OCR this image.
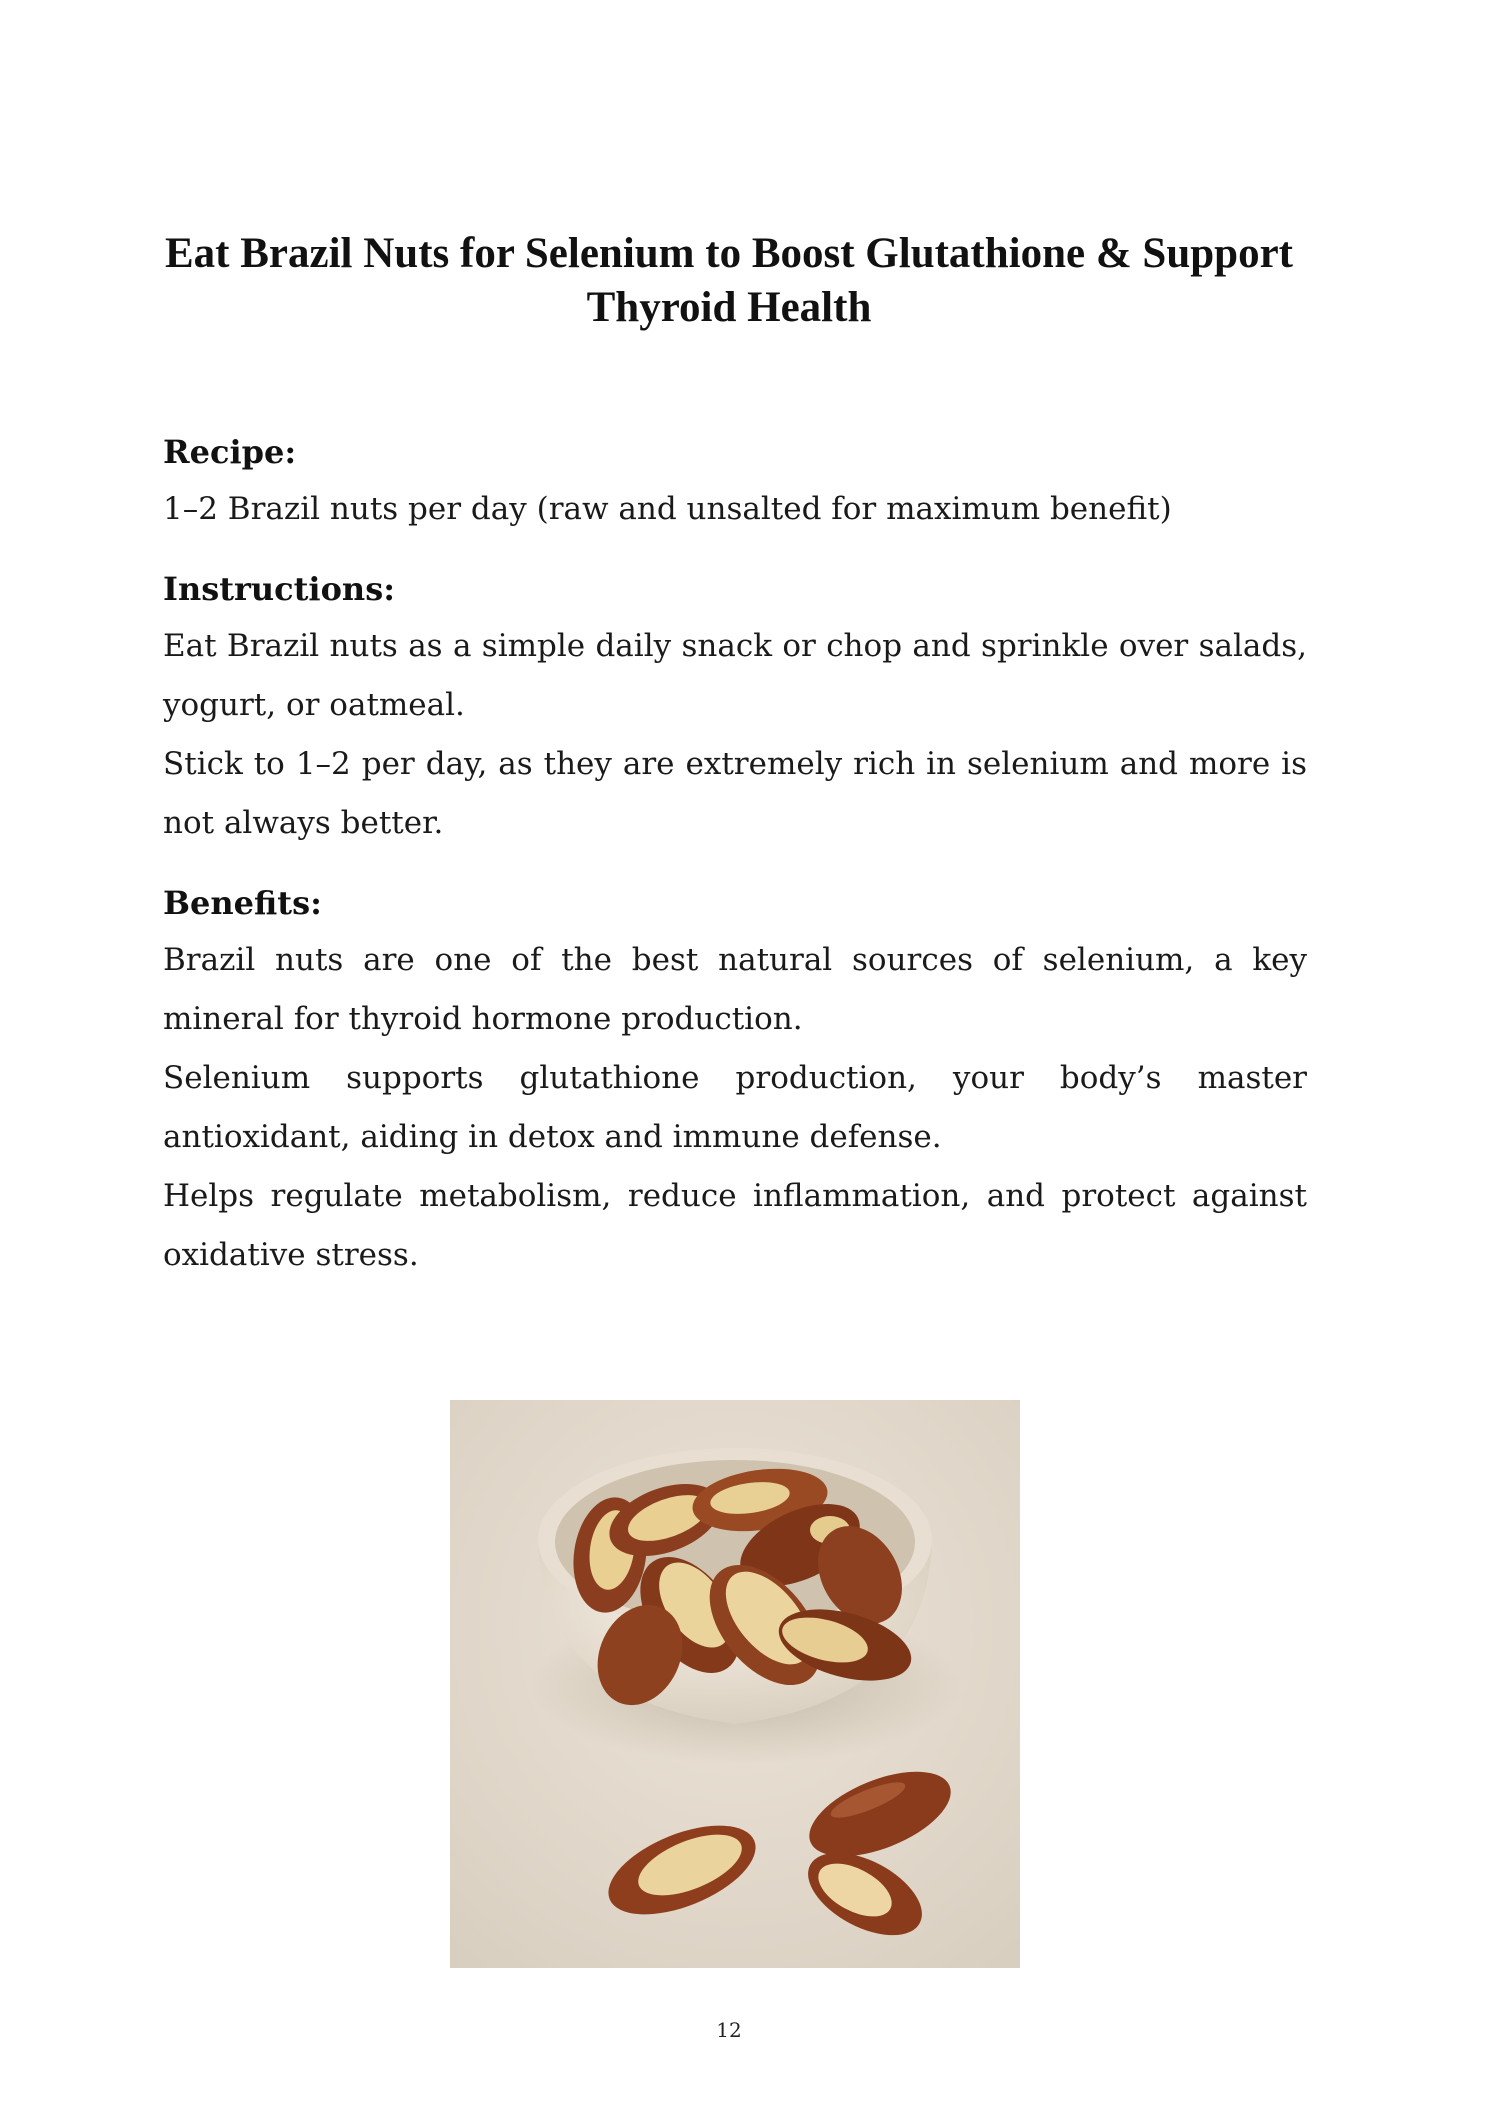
Eat Brazil Nuts for Selenium to Boost Glutathione & Support Thyroid Health
Recipe:

1–2 Brazil nuts per day (raw and unsalted for maximum benefit)

Instructions:

Eat Brazil nuts as a simple daily snack or chop and sprinkle over salads, yogurt, or oatmeal.

Stick to 1–2 per day, as they are extremely rich in selenium and more is not always better.

Benefits:

Brazil nuts are one of the best natural sources of selenium, a key mineral for thyroid hormone production.

Selenium supports glutathione production, your body’s master antioxidant, aiding in detox and immune defense.

Helps regulate metabolism, reduce inflammation, and protect against oxidative stress.

12
